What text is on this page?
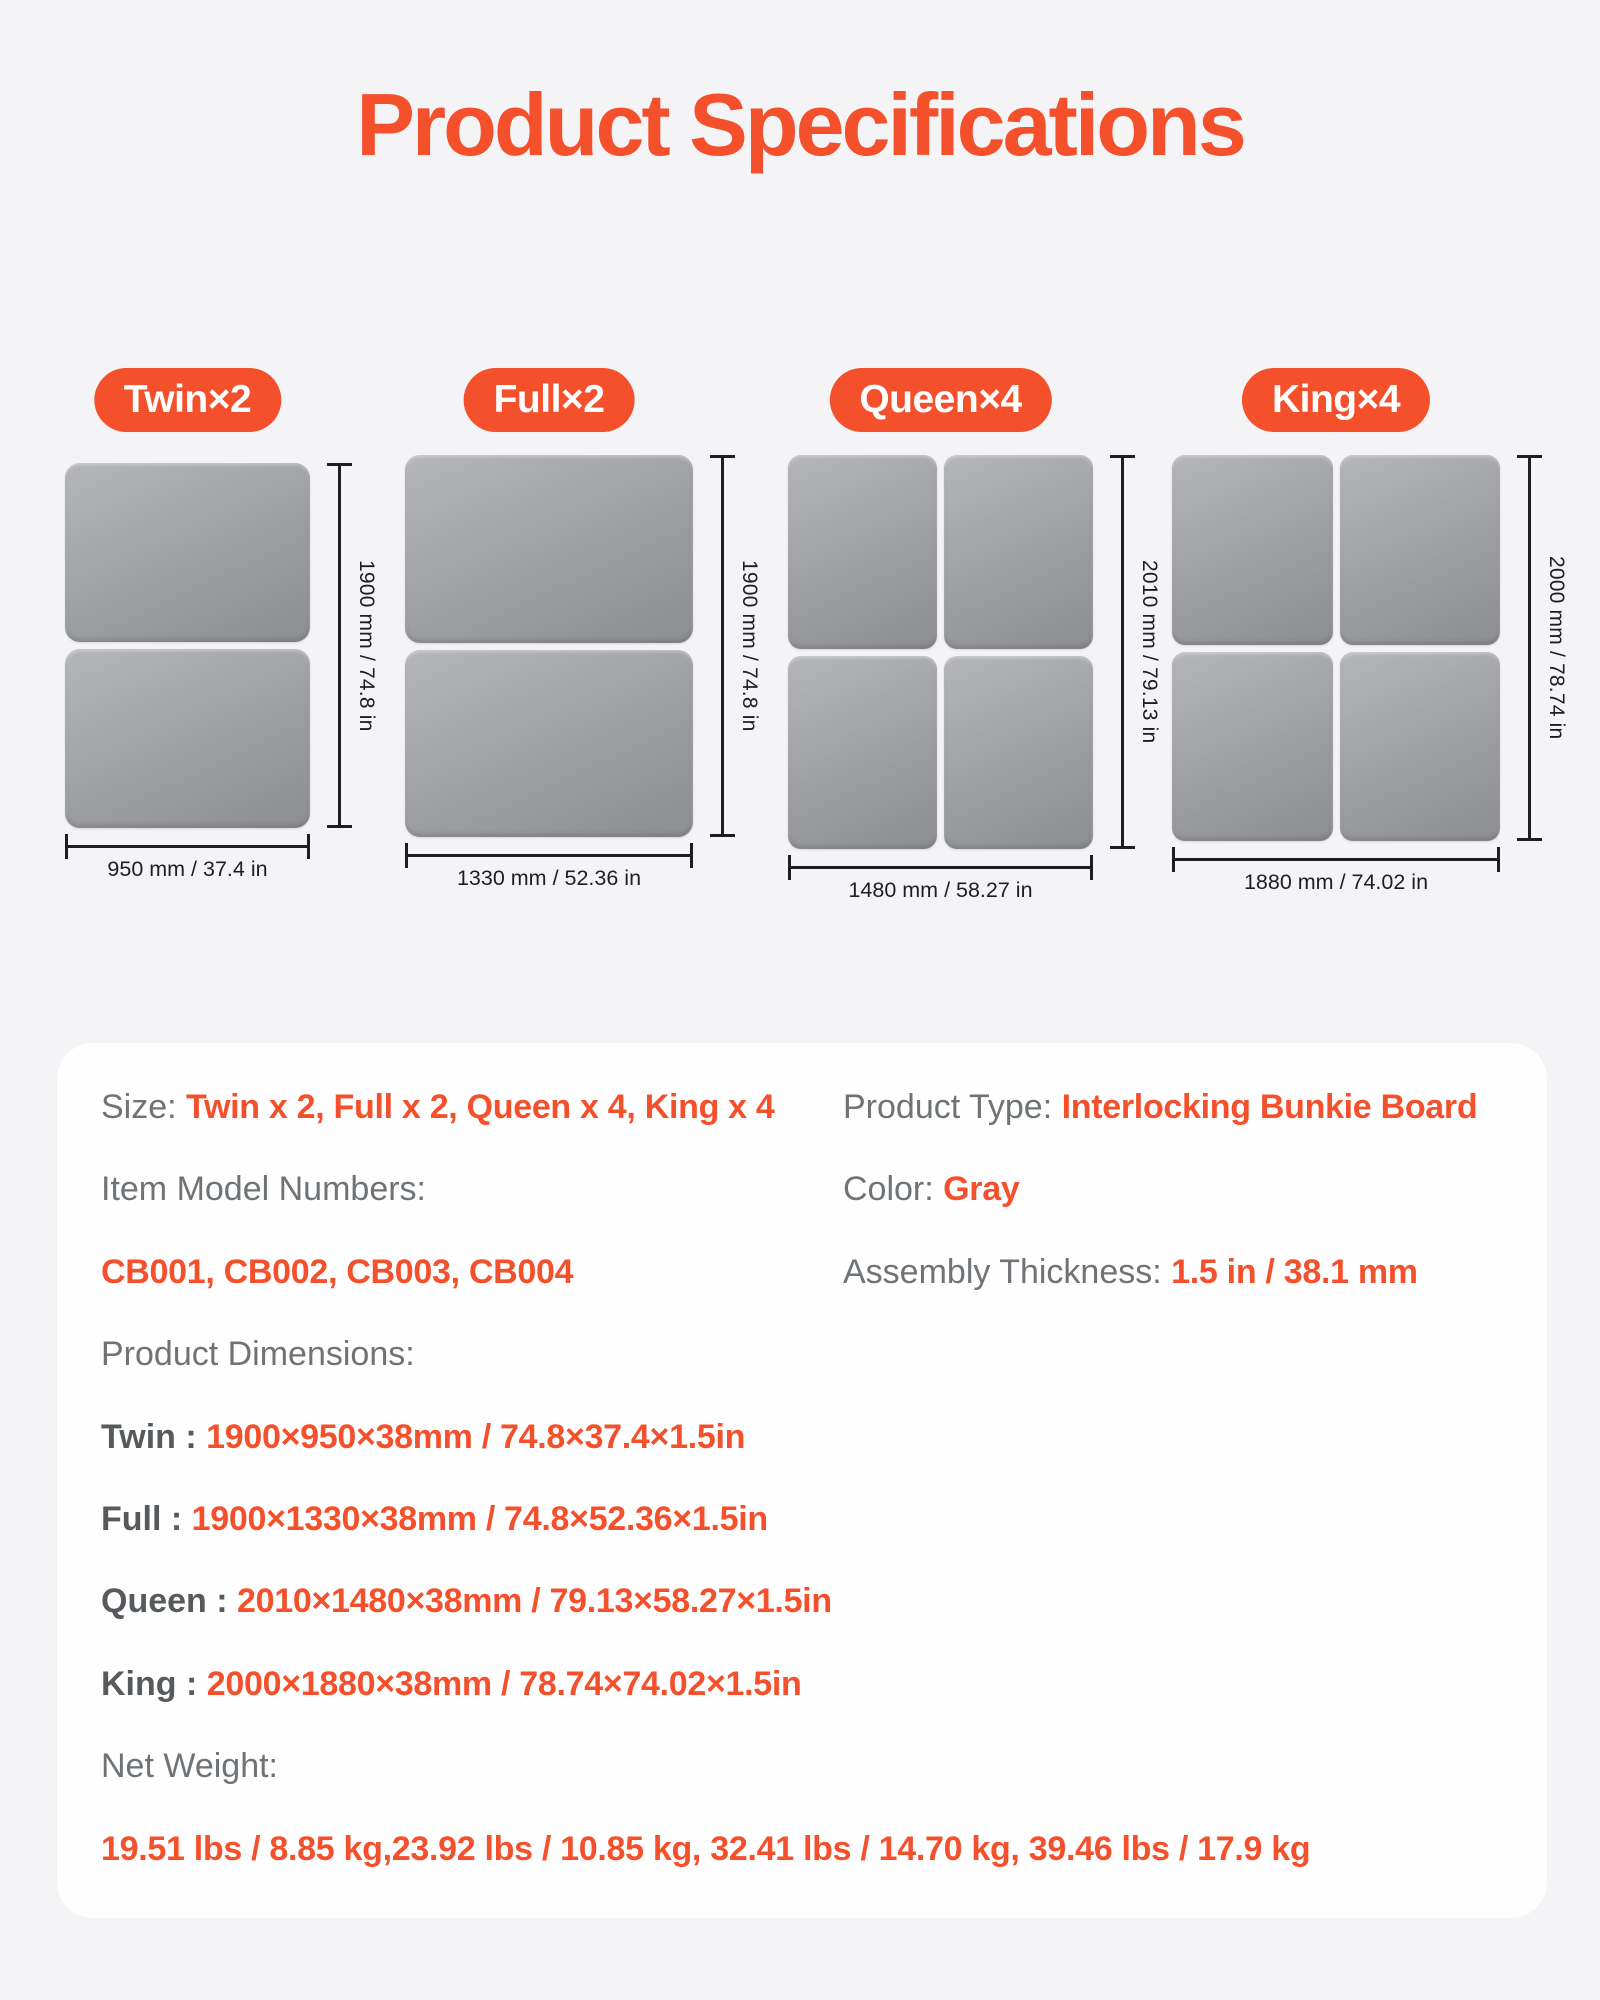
Product Specifications
Twin×2
1900 mm / 74.8 in
950 mm / 37.4 in
Full×2
1900 mm / 74.8 in
1330 mm / 52.36 in
Queen×4
2010 mm / 79.13 in
1480 mm / 58.27 in
King×4
2000 mm / 78.74 in
1880 mm / 74.02 in

Size: Twin x 2, Full x 2, Queen x 4, King x 4	Product Type: Interlocking Bunkie Board

Item Model Numbers:	Color: Gray

CB001, CB002, CB003, CB004	Assembly Thickness: 1.5 in / 38.1 mm

Product Dimensions:

Twin : 1900×950×38mm / 74.8×37.4×1.5in

Full : 1900×1330×38mm / 74.8×52.36×1.5in

Queen : 2010×1480×38mm / 79.13×58.27×1.5in

King : 2000×1880×38mm / 78.74×74.02×1.5in

Net Weight:

19.51 lbs / 8.85 kg,23.92 lbs / 10.85 kg, 32.41 lbs / 14.70 kg, 39.46 lbs / 17.9 kg
